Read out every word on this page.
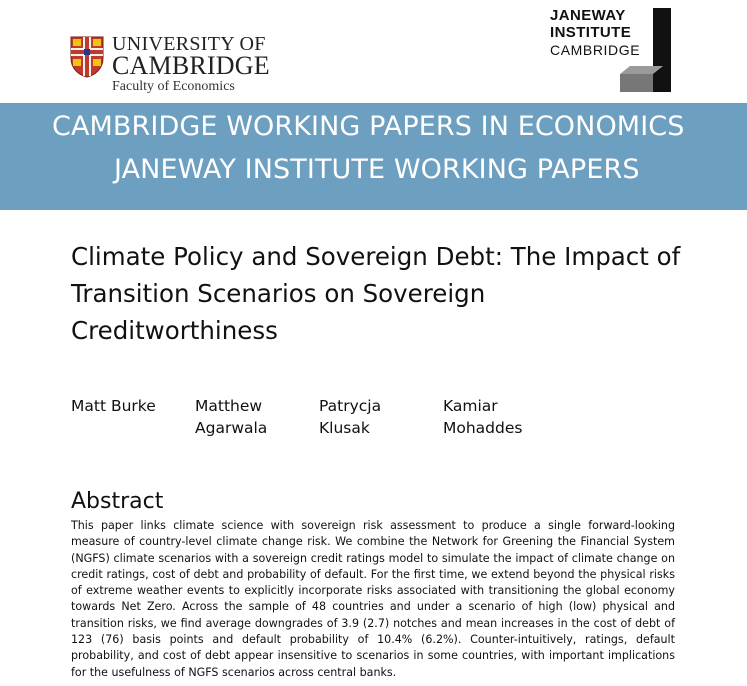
UNIVERSITY OF
CAMBRIDGE
Faculty of Economics
JANEWAY
INSTITUTE
CAMBRIDGE
CAMBRIDGE WORKING PAPERS IN ECONOMICS
JANEWAY INSTITUTE WORKING PAPERS
Climate Policy and Sovereign Debt: The Impact of Transition Scenarios on Sovereign Creditworthiness
Matt Burke	Matthew Agarwala
Patrycja Klusak
Kamiar Mohaddes
Abstract
This paper links climate science with sovereign risk assessment to produce a single forward-looking measure of country-level climate change risk. We combine the Network for Greening the Financial System (NGFS) climate scenarios with a sovereign credit ratings model to simulate the impact of climate change on credit ratings, cost of debt and probability of default. For the first time, we extend beyond the physical risks of extreme weather events to explicitly incorporate risks associated with transitioning the global economy towards Net Zero. Across the sample of 48 countries and under a scenario of high (low) physical and transition risks, we find average downgrades of 3.9 (2.7) notches and mean increases in the cost of debt of 123 (76) basis points and default probability of 10.4% (6.2%). Counter-intuitively, ratings, default probability, and cost of debt appear insensitive to scenarios in some countries, with important implications for the usefulness of NGFS scenarios across central banks.
